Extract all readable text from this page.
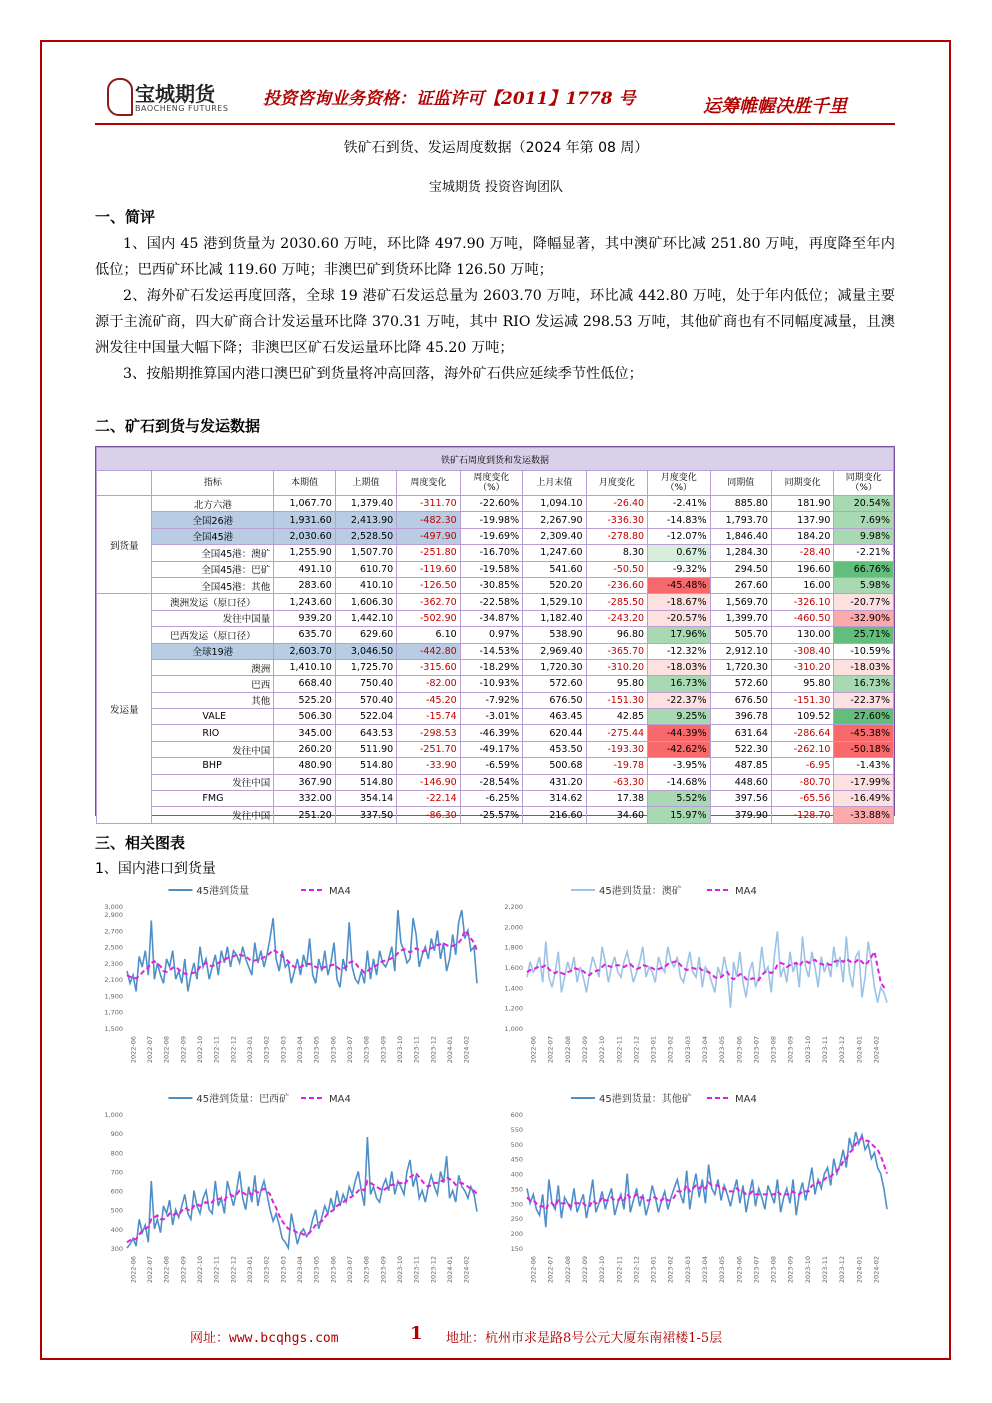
宝城期货
BAOCHENG FUTURES 投资咨询业务资格：证监许可【2011】1778 号	运筹帷幄决胜千里
铁矿石到货、发运周度数据（2024 年第 08 周）
宝城期货 投资咨询团队
一、简评

1、国内 45 港到货量为 2030.60 万吨，环比降 497.90 万吨，降幅显著，其中澳矿环比减 251.80 万吨，再度降至年内低位；巴西矿环比减 119.60 万吨；非澳巴矿到货环比降 126.50 万吨；

2、海外矿石发运再度回落，全球 19 港矿石发运总量为 2603.70 万吨，环比减 442.80 万吨，处于年内低位；减量主要源于主流矿商，四大矿商合计发运量环比降 370.31 万吨，其中 RIO 发运减 298.53 万吨，其他矿商也有不同幅度减量，且澳洲发往中国量大幅下降；非澳巴区矿石发运量环比降 45.20 万吨；

3、按船期推算国内港口澳巴矿到货量将冲高回落，海外矿石供应延续季节性低位；

二、矿石到货与发运数据
铁矿石周度到货和发运数据											
	指标	本期值	上期值	周度变化	周度变化（%）	上月末值	月度变化	月度变化（%）	同期值	同期变化	同期变化（%）
到货量	北方六港	1,067.70	1,379.40	-311.70	-22.60%	1,094.10	-26.40	-2.41%	885.80	181.90	20.54%
	全国26港	1,931.60	2,413.90	-482.30	-19.98%	2,267.90	-336.30	-14.83%	1,793.70	137.90	7.69%
	全国45港	2,030.60	2,528.50	-497.90	-19.69%	2,309.40	-278.80	-12.07%	1,846.40	184.20	9.98%
	全国45港：澳矿	1,255.90	1,507.70	-251.80	-16.70%	1,247.60	8.30	0.67%	1,284.30	-28.40	-2.21%
	全国45港：巴矿	491.10	610.70	-119.60	-19.58%	541.60	-50.50	-9.32%	294.50	196.60	66.76%
	全国45港：其他	283.60	410.10	-126.50	-30.85%	520.20	-236.60	-45.48%	267.60	16.00	5.98%
发运量	澳洲发运（原口径）	1,243.60	1,606.30	-362.70	-22.58%	1,529.10	-285.50	-18.67%	1,569.70	-326.10	-20.77%
	发往中国量	939.20	1,442.10	-502.90	-34.87%	1,182.40	-243.20	-20.57%	1,399.70	-460.50	-32.90%
	巴西发运（原口径）	635.70	629.60	6.10	0.97%	538.90	96.80	17.96%	505.70	130.00	25.71%
	全球19港	2,603.70	3,046.50	-442.80	-14.53%	2,969.40	-365.70	-12.32%	2,912.10	-308.40	-10.59%
	澳洲	1,410.10	1,725.70	-315.60	-18.29%	1,720.30	-310.20	-18.03%	1,720.30	-310.20	-18.03%
	巴西	668.40	750.40	-82.00	-10.93%	572.60	95.80	16.73%	572.60	95.80	16.73%
	其他	525.20	570.40	-45.20	-7.92%	676.50	-151.30	-22.37%	676.50	-151.30	-22.37%
	VALE	506.30	522.04	-15.74	-3.01%	463.45	42.85	9.25%	396.78	109.52	27.60%
	RIO	345.00	643.53	-298.53	-46.39%	620.44	-275.44	-44.39%	631.64	-286.64	-45.38%
	发往中国	260.20	511.90	-251.70	-49.17%	453.50	-193.30	-42.62%	522.30	-262.10	-50.18%
	BHP	480.90	514.80	-33.90	-6.59%	500.68	-19.78	-3.95%	487.85	-6.95	-1.43%
	发往中国	367.90	514.80	-146.90	-28.54%	431.20	-63.30	-14.68%	448.60	-80.70	-17.99%
	FMG	332.00	354.14	-22.14	-6.25%	314.62	17.38	5.52%	397.56	-65.56	-16.49%
	发往中国	251.20	337.50	-86.30	-25.57%	216.60	34.60	15.97%	379.90	-128.70	-33.88%
三、相关图表
1、国内港口到货量
45港到货量	MA4
1,500
1,700
1,900
2,100
2,300
2,500
2,700
2,900
3,000
2022-06 2022-07 2022-08 2022-09 2022-10 2022-11 2022-12 2023-01 2023-02 2023-03 2023-04 2023-05 2023-06 2023-07 2023-08 2023-09 2023-10 2023-11 2023-12 2024-01 2024-02
45港到货量：澳矿	MA4
1,000
1,200
1,400
1,600
1,800
2,000
2,200
2022-06 2022-07 2022-08 2022-09 2022-10 2022-11 2022-12 2023-01 2023-02 2023-03 2023-04 2023-05 2023-06 2023-07 2023-08 2023-09 2023-10 2023-11 2023-12 2024-01 2024-02
45港到货量：巴西矿	MA4
300
400
500
600
700
800
900
1,000
2022-06 2022-07 2022-08 2022-09 2022-10 2022-11 2022-12 2023-01 2023-02 2023-03 2023-04 2023-05 2023-06 2023-07 2023-08 2023-09 2023-10 2023-11 2023-12 2024-01 2024-02
45港到货量：其他矿	MA4
150
200
250
300
350
400
450
500
550
600
2022-06 2022-07 2022-08 2022-09 2022-10 2022-11 2022-12 2023-01 2023-02 2023-03 2023-04 2023-05 2023-06 2023-07 2023-08 2023-09 2023-10 2023-11 2023-12 2024-01 2024-02
网址：www.bcqhgs.com	1 地址：杭州市求是路8号公元大厦东南裙楼1-5层
